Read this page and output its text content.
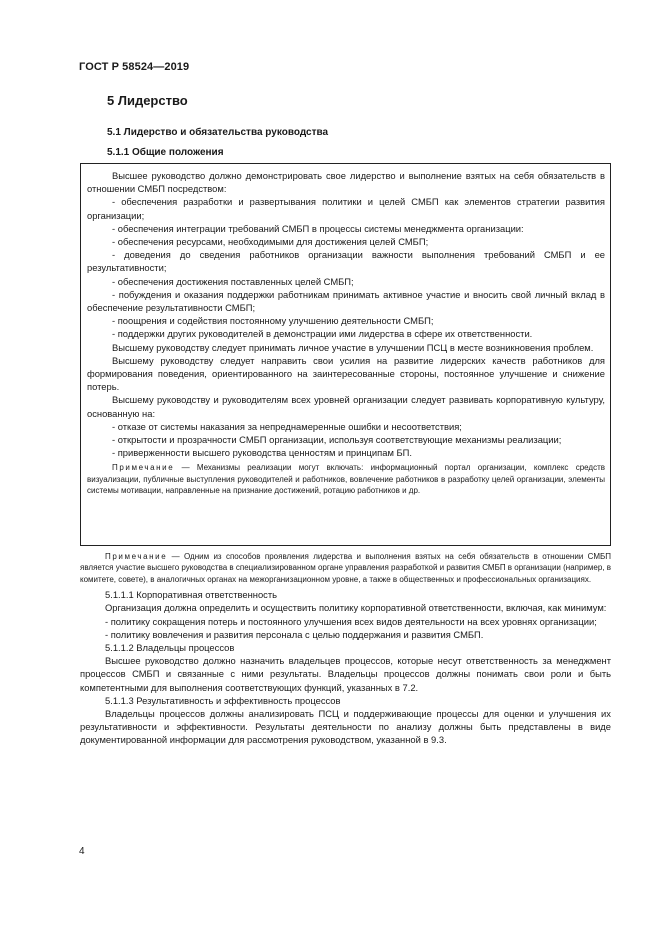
ГОСТ Р 58524—2019
5 Лидерство
5.1 Лидерство и обязательства руководства
5.1.1 Общие положения

Высшее руководство должно демонстрировать свое лидерство и выполнение взятых на себя обязательств в отношении СМБП посредством:

- обеспечения разработки и развертывания политики и целей СМБП как элементов стратегии развития организации;

- обеспечения интеграции требований СМБП в процессы системы менеджмента организации:

- обеспечения ресурсами, необходимыми для достижения целей СМБП;

- доведения до сведения работников организации важности выполнения требований СМБП и ее результативности;

- обеспечения достижения поставленных целей СМБП;

- побуждения и оказания поддержки работникам принимать активное участие и вносить свой личный вклад в обеспечение результативности СМБП;

- поощрения и содействия постоянному улучшению деятельности СМБП;

- поддержки других руководителей в демонстрации ими лидерства в сфере их ответственности.

Высшему руководству следует принимать личное участие в улучшении ПСЦ в месте возникновения проблем.

Высшему руководству следует направить свои усилия на развитие лидерских качеств работников для формирования поведения, ориентированного на заинтересованные стороны, постоянное улучшение и снижение потерь.

Высшему руководству и руководителям всех уровней организации следует развивать корпоративную культуру, основанную на:

- отказе от системы наказания за непреднамеренные ошибки и несоответствия;

- открытости и прозрачности СМБП организации, используя соответствующие механизмы реализации;

- приверженности высшего руководства ценностям и принципам БП.

Примечание — Механизмы реализации могут включать: информационный портал организации, комплекс средств визуализации, публичные выступления руководителей и работников, вовлечение работников в разработку целей организации, элементы системы мотивации, направленные на признание достижений, ротацию работников и др.

Примечание — Одним из способов проявления лидерства и выполнения взятых на себя обязательств в отношении СМБП является участие высшего руководства в специализированном органе управления разработкой и развития СМБП в организации (например, в комитете, совете), в аналогичных органах на межорганизационном уровне, а также в общественных и профессиональных организациях.

5.1.1.1 Корпоративная ответственность

Организация должна определить и осуществить политику корпоративной ответственности, включая, как минимум:

- политику сокращения потерь и постоянного улучшения всех видов деятельности на всех уровнях организации;

- политику вовлечения и развития персонала с целью поддержания и развития СМБП.

5.1.1.2 Владельцы процессов

Высшее руководство должно назначить владельцев процессов, которые несут ответственность за менеджмент процессов СМБП и связанные с ними результаты. Владельцы процессов должны понимать свои роли и быть компетентными для выполнения соответствующих функций, указанных в 7.2.

5.1.1.3 Результативность и эффективность процессов

Владельцы процессов должны анализировать ПСЦ и поддерживающие процессы для оценки и улучшения их результативности и эффективности. Результаты деятельности по анализу должны быть представлены в виде документированной информации для рассмотрения руководством, указанной в 9.3.

4
